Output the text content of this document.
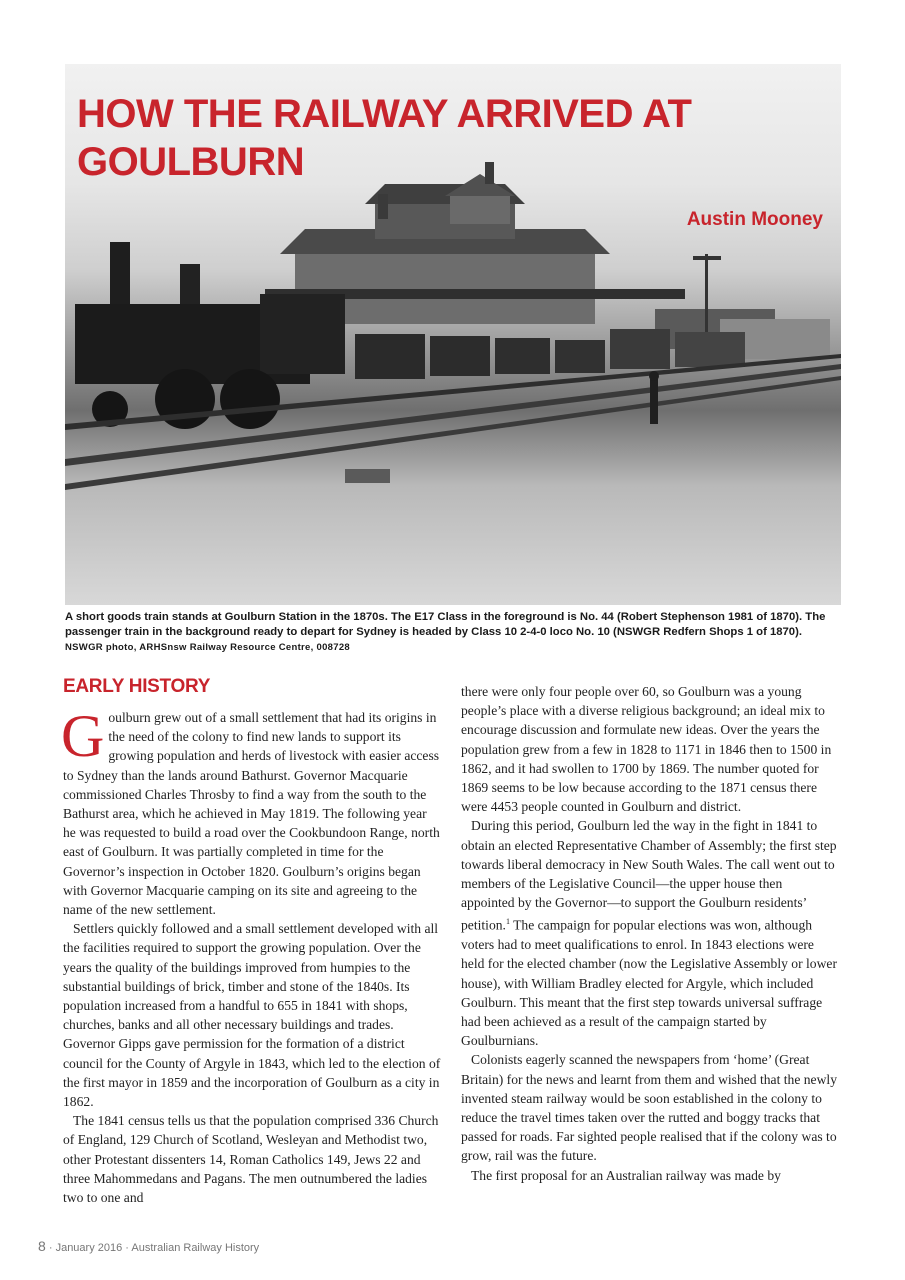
HOW THE RAILWAY ARRIVED AT GOULBURN

Austin Mooney

A short goods train stands at Goulburn Station in the 1870s. The E17 Class in the foreground is No. 44 (Robert Stephenson 1981 of 1870). The passenger train in the background ready to depart for Sydney is headed by Class 10 2-4-0 loco No. 10 (NSWGR Redfern Shops 1 of 1870). NSWGR photo, ARHSnsw Railway Resource Centre, 008728

EARLY HISTORY

Goulburn grew out of a small settlement that had its origins in the need of the colony to find new lands to support its growing population and herds of livestock with easier access to Sydney than the lands around Bathurst. Governor Macquarie commissioned Charles Throsby to find a way from the south to the Bathurst area, which he achieved in May 1819. The following year he was requested to build a road over the Cookbundoon Range, north east of Goulburn. It was partially completed in time for the Governor’s inspection in October 1820. Goulburn’s origins began with Governor Macquarie camping on its site and agreeing to the name of the new settlement.

Settlers quickly followed and a small settlement developed with all the facilities required to support the growing population. Over the years the quality of the buildings improved from humpies to the substantial buildings of brick, timber and stone of the 1840s. Its population increased from a handful to 655 in 1841 with shops, churches, banks and all other necessary buildings and trades. Governor Gipps gave permission for the formation of a district council for the County of Argyle in 1843, which led to the election of the first mayor in 1859 and the incorporation of Goulburn as a city in 1862.

The 1841 census tells us that the population comprised 336 Church of England, 129 Church of Scotland, Wesleyan and Methodist two, other Protestant dissenters 14, Roman Catholics 149, Jews 22 and three Mahommedans and Pagans. The men outnumbered the ladies two to one and

there were only four people over 60, so Goulburn was a young people’s place with a diverse religious background; an ideal mix to encourage discussion and formulate new ideas. Over the years the population grew from a few in 1828 to 1171 in 1846 then to 1500 in 1862, and it had swollen to 1700 by 1869. The number quoted for 1869 seems to be low because according to the 1871 census there were 4453 people counted in Goulburn and district.

During this period, Goulburn led the way in the fight in 1841 to obtain an elected Representative Chamber of Assembly; the first step towards liberal democracy in New South Wales. The call went out to members of the Legislative Council—the upper house then appointed by the Governor—to support the Goulburn residents’ petition.$^1$ The campaign for popular elections was won, although voters had to meet qualifications to enrol. In 1843 elections were held for the elected chamber (now the Legislative Assembly or lower house), with William Bradley elected for Argyle, which included Goulburn. This meant that the first step towards universal suffrage had been achieved as a result of the campaign started by Goulburnians.

Colonists eagerly scanned the newspapers from ‘home’ (Great Britain) for the news and learnt from them and wished that the newly invented steam railway would be soon established in the colony to reduce the travel times taken over the rutted and boggy tracks that passed for roads. Far sighted people realised that if the colony was to grow, rail was the future.

The first proposal for an Australian railway was made by

8 · January 2016 · Australian Railway History
